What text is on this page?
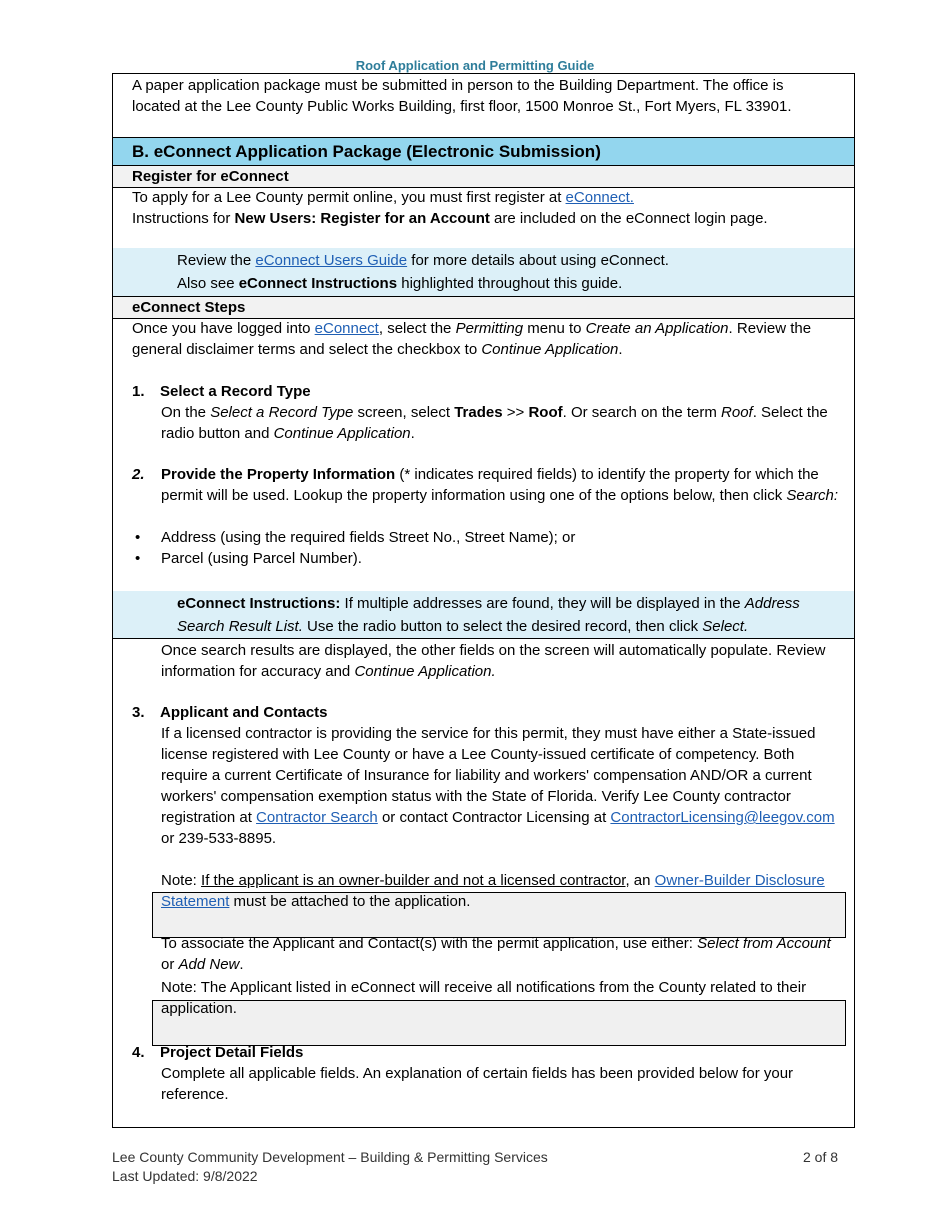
Roof Application and Permitting Guide
A paper application package must be submitted in person to the Building Department. The office is located at the Lee County Public Works Building, first floor, 1500 Monroe St., Fort Myers, FL 33901.
B. eConnect Application Package (Electronic Submission)
Register for eConnect
To apply for a Lee County permit online, you must first register at eConnect.
Instructions for New Users: Register for an Account are included on the eConnect login page.
Review the eConnect Users Guide for more details about using eConnect.
Also see eConnect Instructions highlighted throughout this guide.
eConnect Steps
Once you have logged into eConnect, select the Permitting menu to Create an Application. Review the general disclaimer terms and select the checkbox to Continue Application.
1. Select a Record Type
On the Select a Record Type screen, select Trades >> Roof. Or search on the term Roof. Select the radio button and Continue Application.
2.	Provide the Property Information (* indicates required fields) to identify the property for which the permit will be used. Lookup the property information using one of the options below, then click Search:
• Address (using the required fields Street No., Street Name); or
• Parcel (using Parcel Number).
eConnect Instructions: If multiple addresses are found, they will be displayed in the Address Search Result List. Use the radio button to select the desired record, then click Select.
Once search results are displayed, the other fields on the screen will automatically populate. Review information for accuracy and Continue Application.
3. Applicant and Contacts
If a licensed contractor is providing the service for this permit, they must have either a State-issued license registered with Lee County or have a Lee County-issued certificate of competency. Both require a current Certificate of Insurance for liability and workers' compensation AND/OR a current workers' compensation exemption status with the State of Florida. Verify Lee County contractor registration at Contractor Search or contact Contractor Licensing at ContractorLicensing@leegov.com or 239-533-8895.
Note: If the applicant is an owner-builder and not a licensed contractor, an Owner-Builder Disclosure Statement must be attached to the application.
To associate the Applicant and Contact(s) with the permit application, use either: Select from Account or Add New.
Note: The Applicant listed in eConnect will receive all notifications from the County related to their application.
4. Project Detail Fields
Complete all applicable fields. An explanation of certain fields has been provided below for your reference.
Lee County Community Development – Building & Permitting Services
Last Updated: 9/8/2022
2 of 8
